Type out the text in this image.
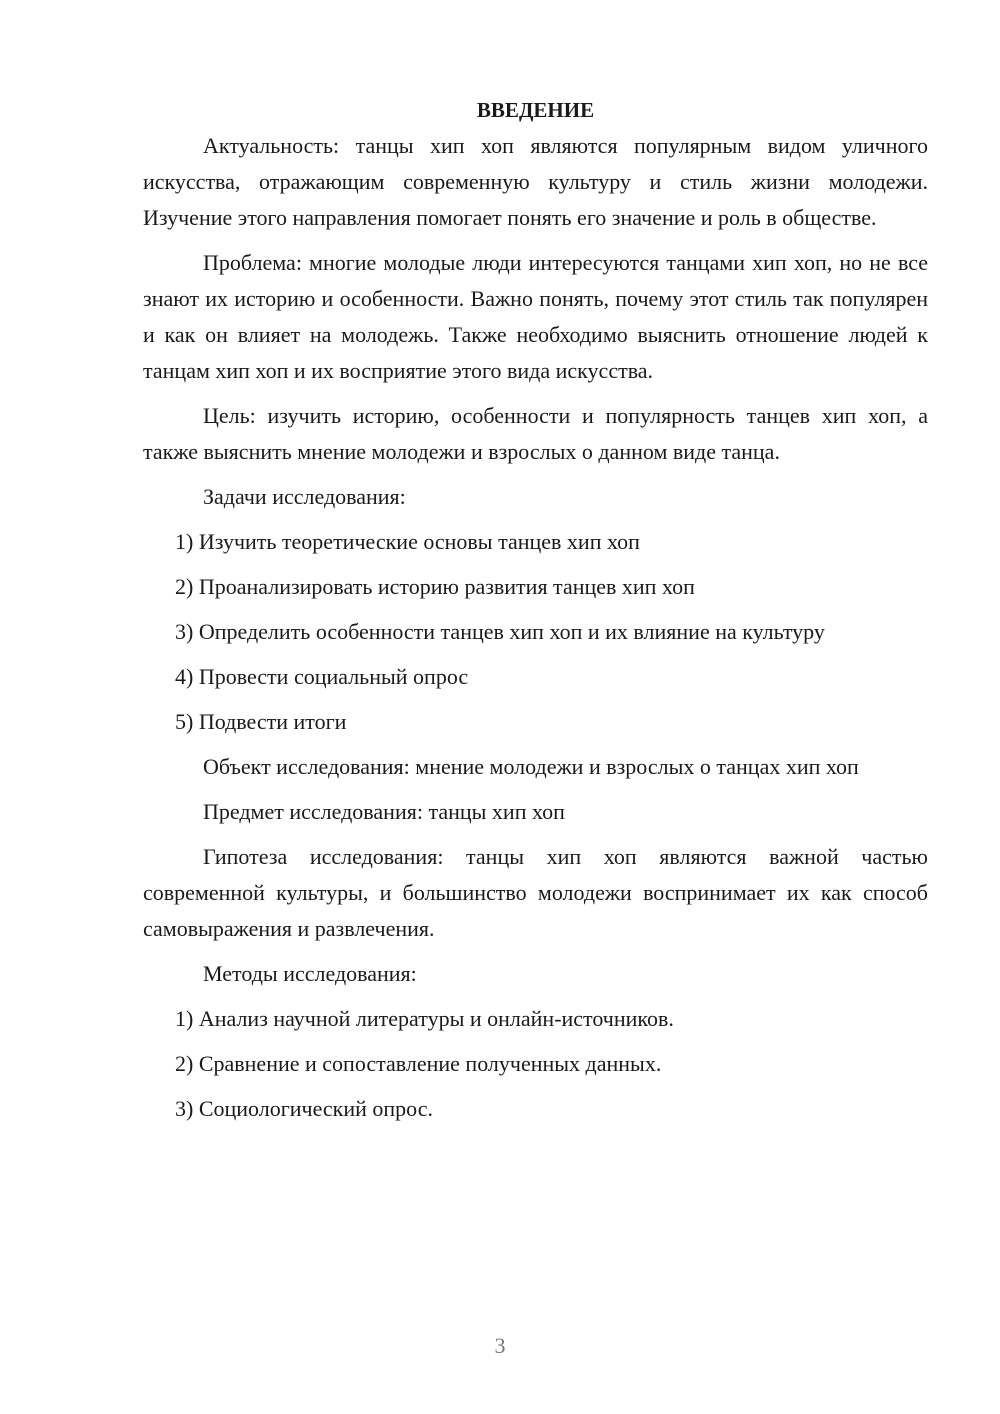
ВВЕДЕНИЕ

Актуальность: танцы хип хоп являются популярным видом уличного искусства, отражающим современную культуру и стиль жизни молодежи. Изучение этого направления помогает понять его значение и роль в обществе.

Проблема: многие молодые люди интересуются танцами хип хоп, но не все знают их историю и особенности. Важно понять, почему этот стиль так популярен и как он влияет на молодежь. Также необходимо выяснить отношение людей к танцам хип хоп и их восприятие этого вида искусства.

Цель: изучить историю, особенности и популярность танцев хип хоп, а также выяснить мнение молодежи и взрослых о данном виде танца.

Задачи исследования:

1) Изучить теоретические основы танцев хип хоп

2) Проанализировать историю развития танцев хип хоп

3) Определить особенности танцев хип хоп и их влияние на культуру

4) Провести социальный опрос

5) Подвести итоги

Объект исследования: мнение молодежи и взрослых о танцах хип хоп

Предмет исследования: танцы хип хоп

Гипотеза исследования: танцы хип хоп являются важной частью современной культуры, и большинство молодежи воспринимает их как способ самовыражения и развлечения.

Методы исследования:

1) Анализ научной литературы и онлайн-источников.

2) Сравнение и сопоставление полученных данных.

3) Социологический опрос.

3
